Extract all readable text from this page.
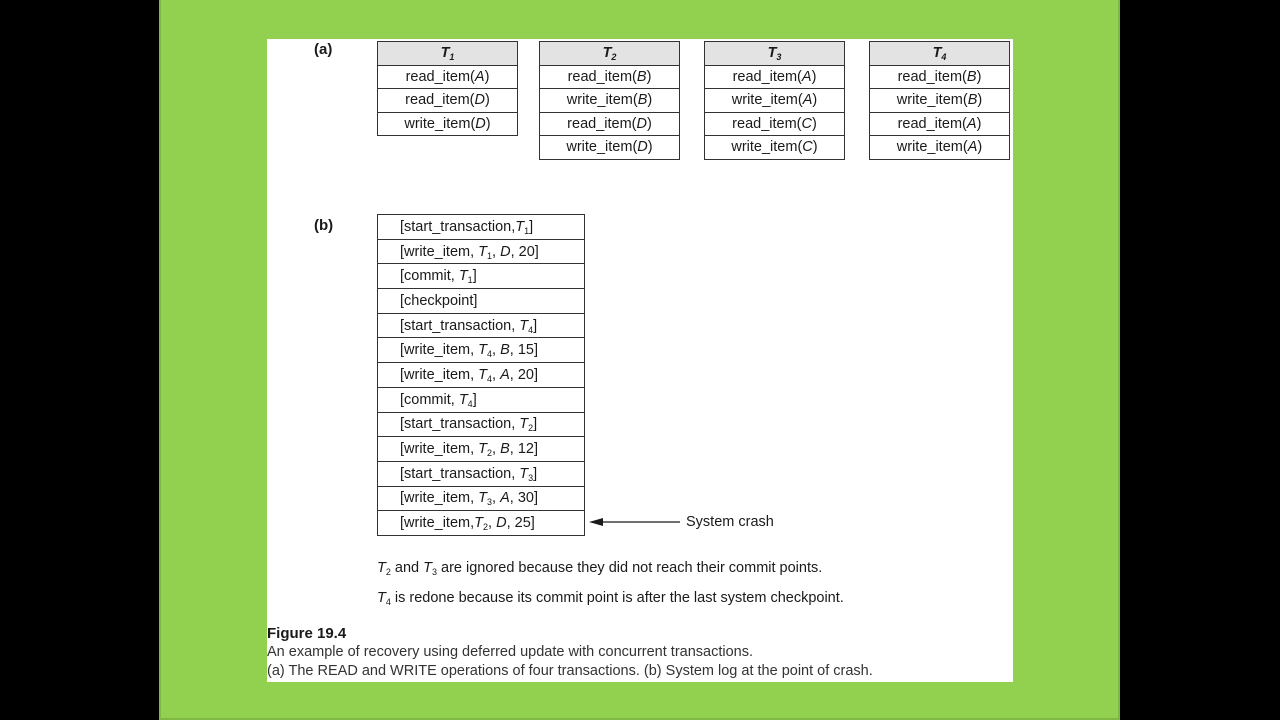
(a)
(b)
$T_1$
read_item(A)
read_item(D)
write_item(D)
$T_2$
read_item(B)
write_item(B)
read_item(D)
write_item(D)
$T_3$
read_item(A)
write_item(A)
read_item(C)
write_item(C)
$T_4$
read_item(B)
write_item(B)
read_item(A)
write_item(A)
$[start\_transaction,T_1]$
[write_item, $T_1$, D, 20]
[commit, $T_1$]
[checkpoint]
[start_transaction, $T_4$]
[write_item, $T_4$, B, 15]
[write_item, $T_4$, A, 20]
[commit, $T_4$]
[start_transaction, $T_2$]
[write_item, $T_2$, B, 12]
[start_transaction, $T_3$]
[write_item, $T_3$, A, 30]
[$write\_item,T_2$, D, 25]	System crash
$T_2$ and $T_3$ are ignored because they did not reach their commit points.
$T_4$ is redone because its commit point is after the last system checkpoint.
Figure 19.4
An example of recovery using deferred update with concurrent transactions.
(a) The READ and WRITE operations of four transactions. (b) System log at the point of crash.
